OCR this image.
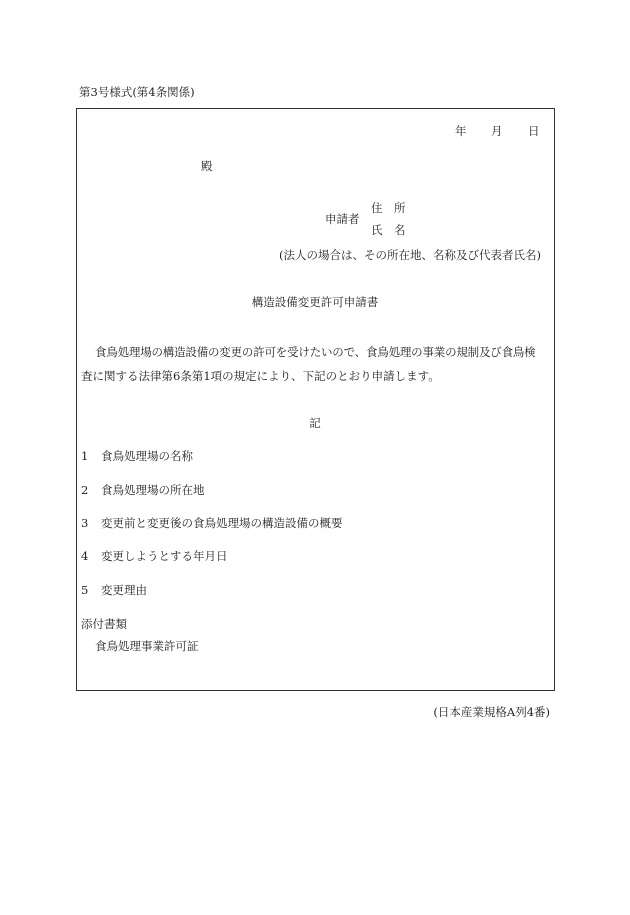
第3号様式(第4条関係)
年 月 日
殿
申請者
住　所
氏　名
(法人の場合は、その所在地、名称及び代表者氏名)
構造設備変更許可申請書
食鳥処理場の構造設備の変更の許可を受けたいので、食鳥処理の事業の規制及び食鳥検
査に関する法律第6条第1項の規定により、下記のとおり申請します。
記
1 食鳥処理場の名称
2 食鳥処理場の所在地
3 変更前と変更後の食鳥処理場の構造設備の概要
4 変更しようとする年月日
5 変更理由
添付書類
食鳥処理事業許可証
(日本産業規格A列4番)
